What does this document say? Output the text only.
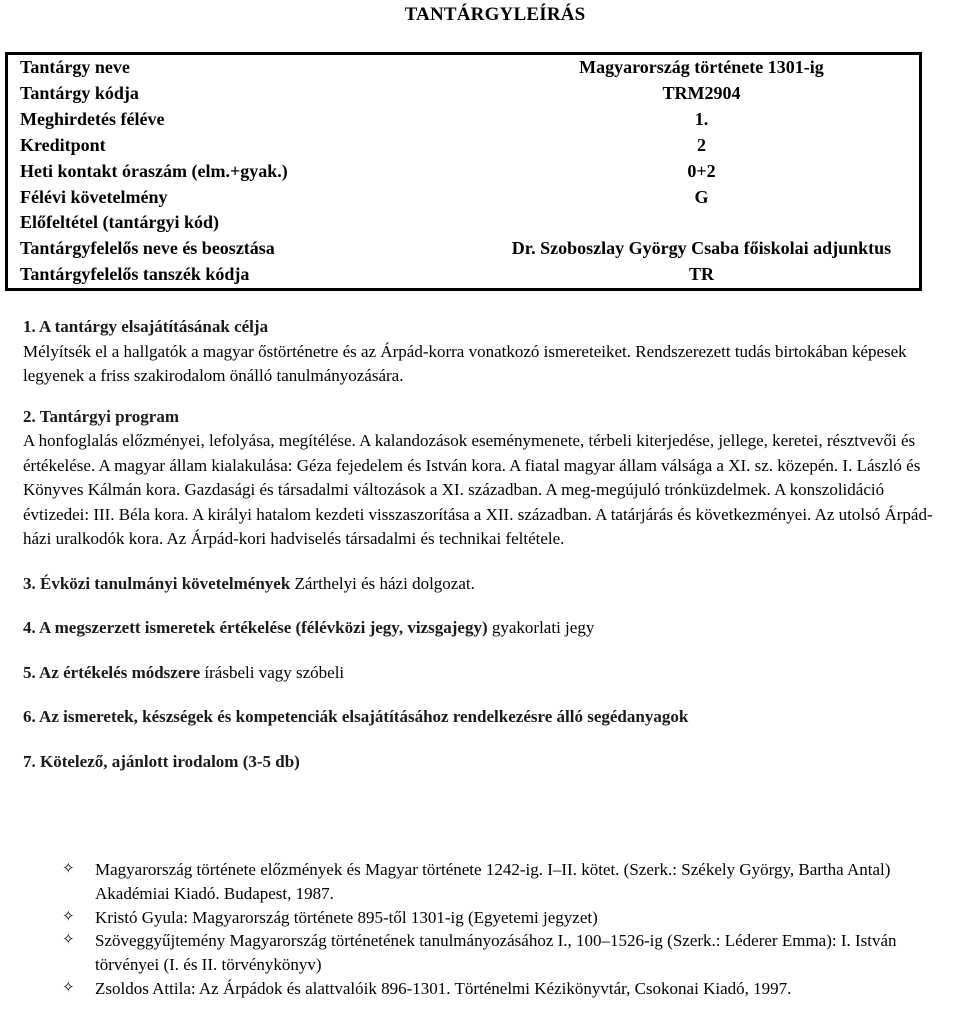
TANTÁRGYLEÍRÁS
Tantárgy neve	Magyarország története 1301-ig
Tantárgy kódja	TRM2904
Meghirdetés féléve	1.
Kreditpont	2
Heti kontakt óraszám (elm.+gyak.)	0+2
Félévi követelmény	G
Előfeltétel (tantárgyi kód)	
Tantárgyfelelős neve és beosztása	Dr. Szoboszlay György Csaba főiskolai adjunktus
Tantárgyfelelős tanszék kódja	TR

1. A tantárgy elsajátításának célja

Mélyítsék el a hallgatók a magyar őstörténetre és az Árpád-korra vonatkozó ismereteiket. Rendszerezett tudás birtokában képesek legyenek a friss szakirodalom önálló tanulmányozására.

2. Tantárgyi program

A honfoglalás előzményei, lefolyása, megítélése. A kalandozások eseménymenete, térbeli kiterjedése, jellege, keretei, résztvevői és értékelése. A magyar állam kialakulása: Géza fejedelem és István kora. A fiatal magyar állam válsága a XI. sz. közepén. I. László és Könyves Kálmán kora. Gazdasági és társadalmi változások a XI. században. A meg-megújuló trónküzdelmek. A konszolidáció évtizedei: III. Béla kora. A királyi hatalom kezdeti visszaszorítása a XII. században. A tatárjárás és következményei. Az utolsó Árpád-házi uralkodók kora. Az Árpád-kori hadviselés társadalmi és technikai feltétele.

3. Évközi tanulmányi követelmények Zárthelyi és házi dolgozat.

4. A megszerzett ismeretek értékelése (félévközi jegy, vizsgajegy) gyakorlati jegy

5. Az értékelés módszere írásbeli vagy szóbeli

6. Az ismeretek, készségek és kompetenciák elsajátításához rendelkezésre álló segédanyagok

7. Kötelező, ajánlott irodalom (3-5 db)

✧ Magyarország története előzmények és Magyar története 1242-ig. I–II. kötet. (Szerk.: Székely György, Bartha Antal) Akadémiai Kiadó. Budapest, 1987.
✧ Kristó Gyula: Magyarország története 895-től 1301-ig (Egyetemi jegyzet)
✧ Szöveggyűjtemény Magyarország történetének tanulmányozásához I., 100–1526-ig (Szerk.: Léderer Emma): I. István törvényei (I. és II. törvénykönyv)
✧ Zsoldos Attila: Az Árpádok és alattvalóik 896-1301. Történelmi Kézikönyvtár, Csokonai Kiadó, 1997.
